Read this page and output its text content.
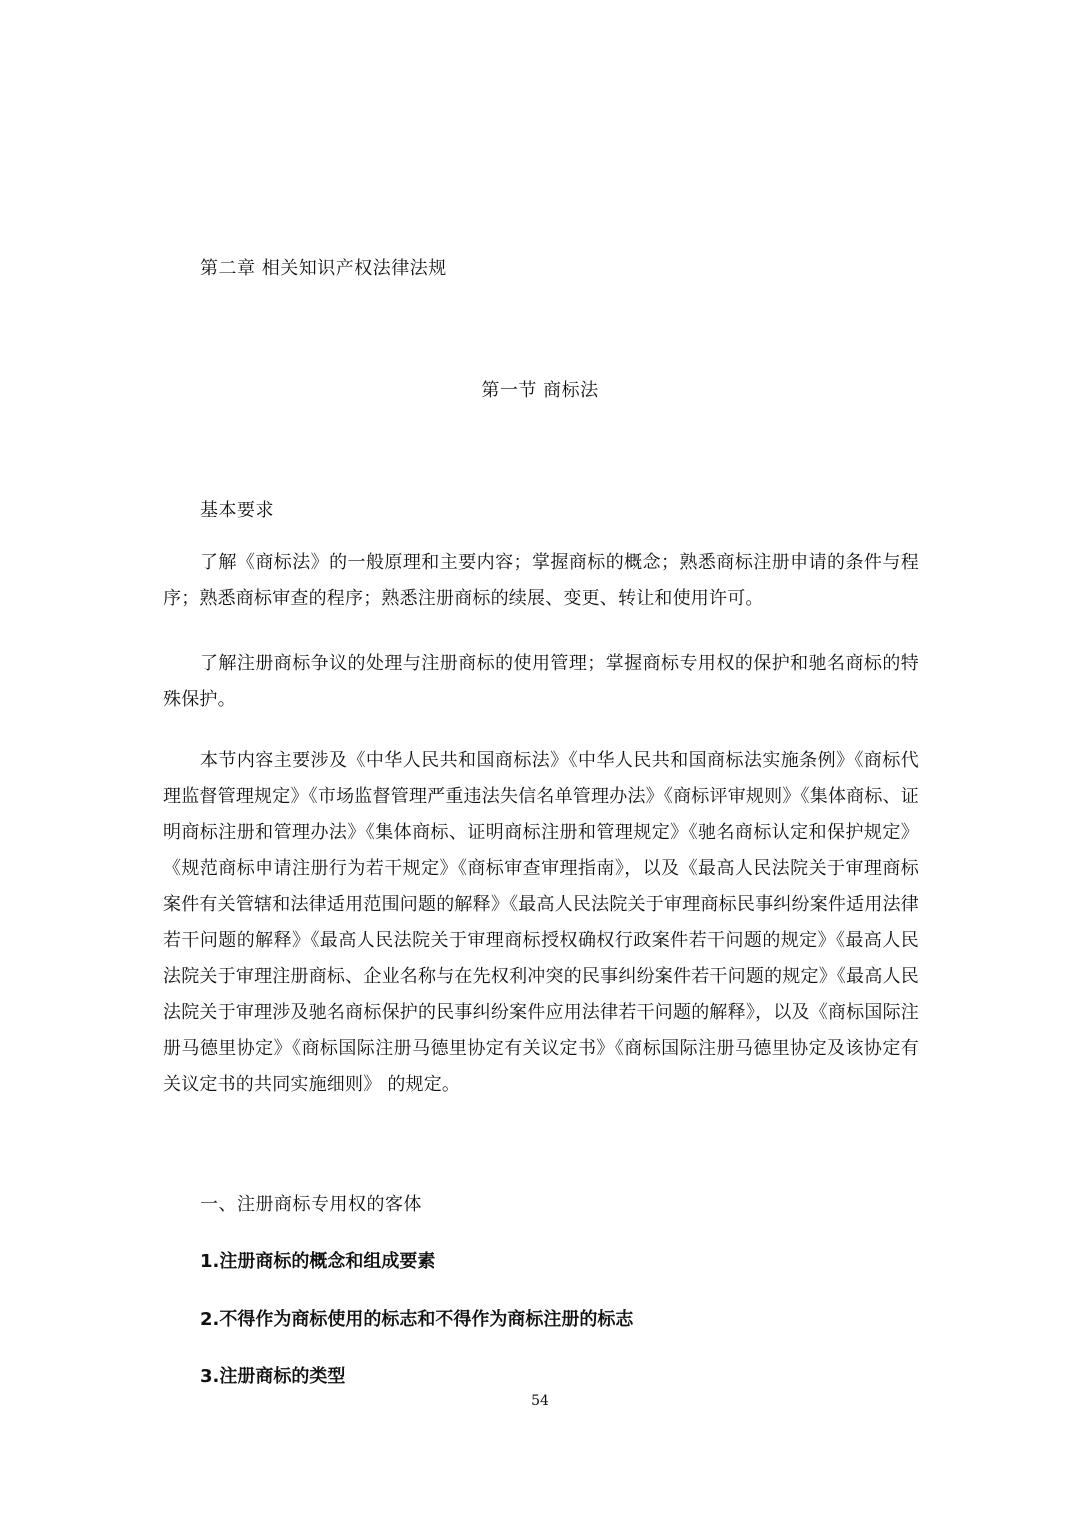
第二章 相关知识产权法律法规
第一节 商标法
基本要求
了解《商标法》的一般原理和主要内容；掌握商标的概念；熟悉商标注册申请的条件与程序；熟悉商标审查的程序；熟悉注册商标的续展、变更、转让和使用许可。
了解注册商标争议的处理与注册商标的使用管理；掌握商标专用权的保护和驰名商标的特殊保护。
本节内容主要涉及《中华人民共和国商标法》《中华人民共和国商标法实施条例》《商标代理监督管理规定》《市场监督管理严重违法失信名单管理办法》《商标评审规则》《集体商标、证明商标注册和管理办法》《集体商标、证明商标注册和管理规定》《驰名商标认定和保护规定》《规范商标申请注册行为若干规定》《商标审查审理指南》，以及《最高人民法院关于审理商标案件有关管辖和法律适用范围问题的解释》《最高人民法院关于审理商标民事纠纷案件适用法律若干问题的解释》《最高人民法院关于审理商标授权确权行政案件若干问题的规定》《最高人民法院关于审理注册商标、企业名称与在先权利冲突的民事纠纷案件若干问题的规定》《最高人民法院关于审理涉及驰名商标保护的民事纠纷案件应用法律若干问题的解释》，以及《商标国际注册马德里协定》《商标国际注册马德里协定有关议定书》《商标国际注册马德里协定及该协定有关议定书的共同实施细则》 的规定。
一、注册商标专用权的客体
1.注册商标的概念和组成要素
2.不得作为商标使用的标志和不得作为商标注册的标志
3.注册商标的类型
54
